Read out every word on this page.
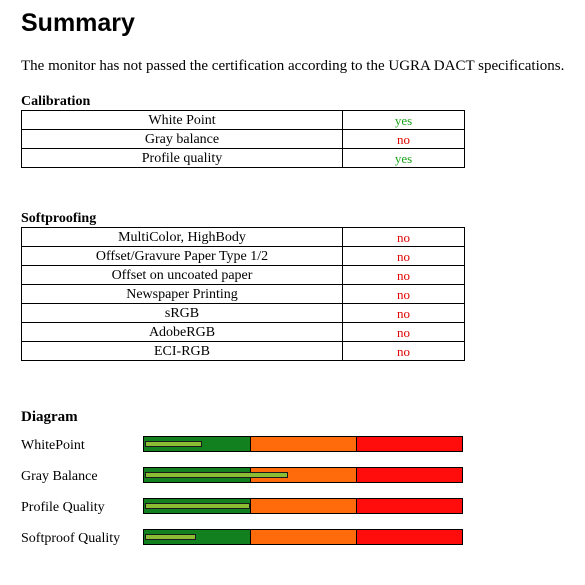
Summary
The monitor has not passed the certification according to the UGRA DACT specifications.
Calibration
White Point	yes
Gray balance	no
Profile quality	yes
Softproofing
MultiColor, HighBody	no
Offset/Gravure Paper Type 1/2	no
Offset on uncoated paper	no
Newspaper Printing	no
sRGB	no
AdobeRGB	no
ECI-RGB	no
Diagram
WhitePoint
Gray Balance
Profile Quality
Softproof Quality
